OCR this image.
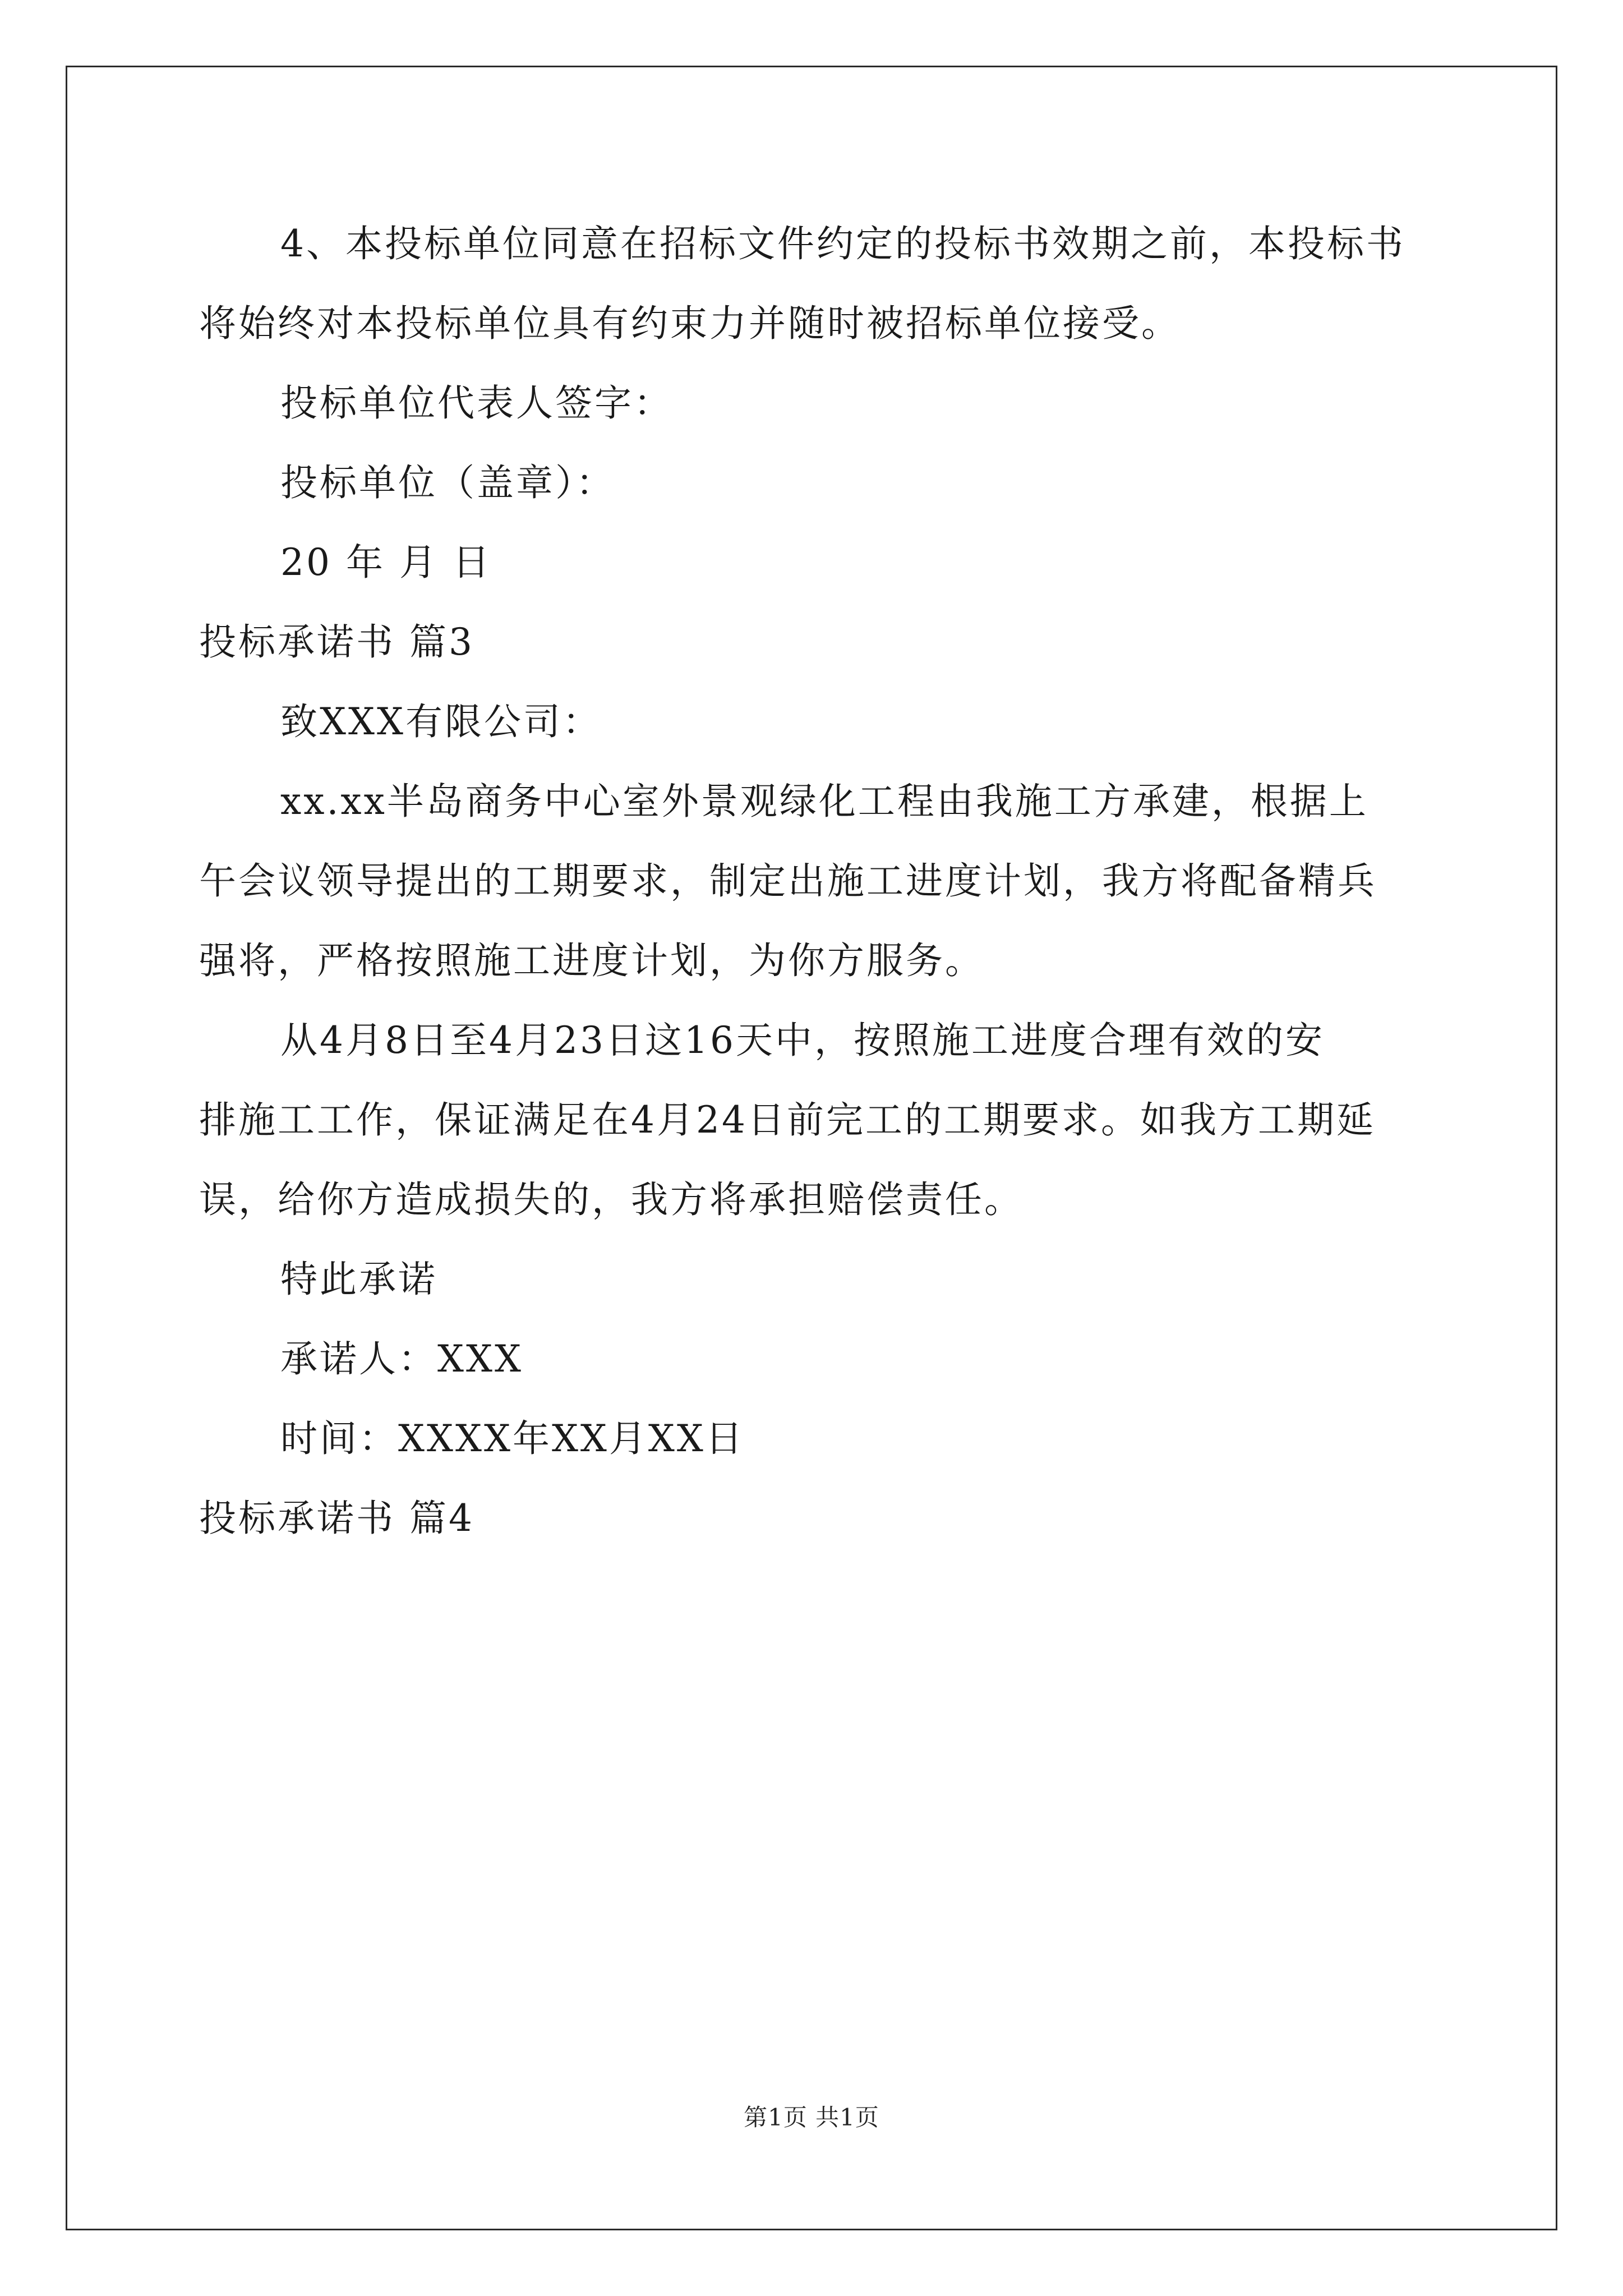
4、本投标单位同意在招标文件约定的投标书效期之前，本投标书
将始终对本投标单位具有约束力并随时被招标单位接受。
投标单位代表人签字：
投标单位（盖章）：
20 年 月 日
投标承诺书 篇3
致XXX有限公司：
xx.xx半岛商务中心室外景观绿化工程由我施工方承建，根据上
午会议领导提出的工期要求，制定出施工进度计划，我方将配备精兵
强将，严格按照施工进度计划，为你方服务。
从4月8日至4月23日这16天中，按照施工进度合理有效的安
排施工工作，保证满足在4月24日前完工的工期要求。如我方工期延
误，给你方造成损失的，我方将承担赔偿责任。
特此承诺
承诺人：XXX
时间：XXXX年XX月XX日
投标承诺书 篇4
第1页 共1页
